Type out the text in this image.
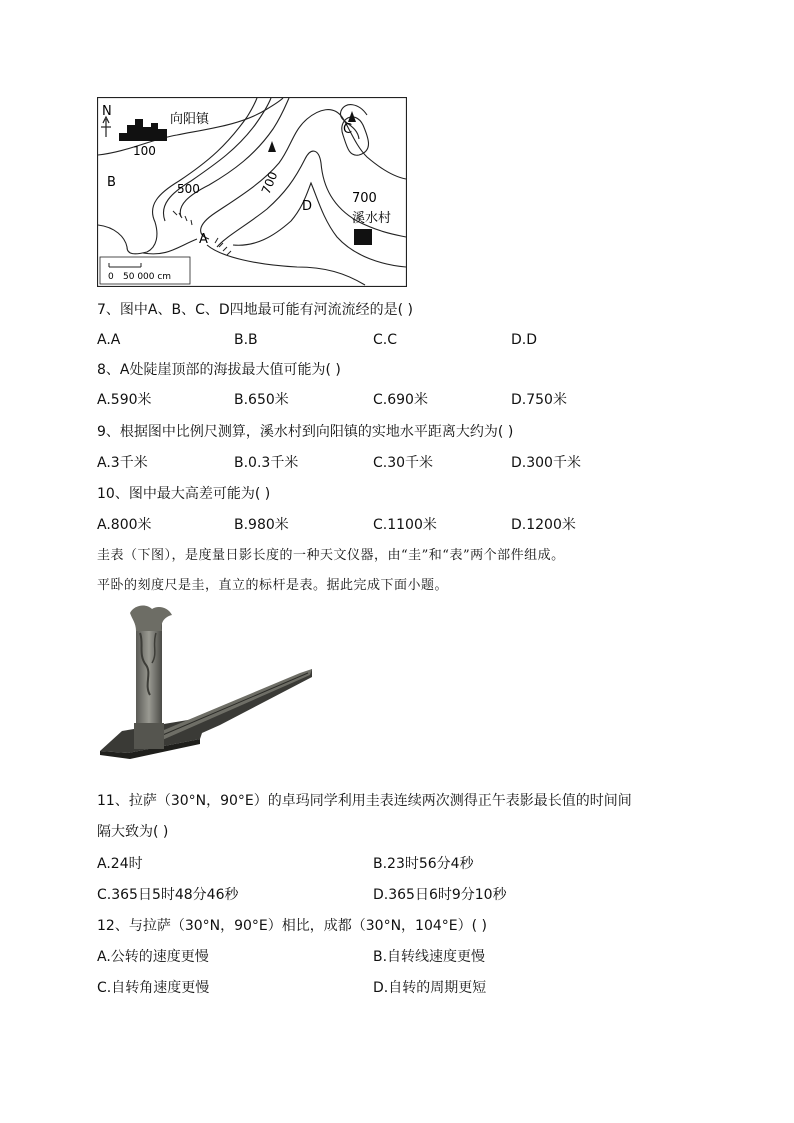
N
向阳镇
100
B	500	700
C
D
700
溪水村
A
0 50 000 cm
7、图中A、B、C、D四地最可能有河流流经的是( )
A.A	B.B	C.C	D.D
8、A处陡崖顶部的海拔最大值可能为( )
A.590米	B.650米	C.690米	D.750米
9、根据图中比例尺测算，溪水村到向阳镇的实地水平距离大约为( )
A.3千米	B.0.3千米	C.30千米	D.300千米
10、图中最大高差可能为( )
A.800米	B.980米	C.1100米	D.1200米
圭表（下图），是度量日影长度的一种天文仪器，由“圭”和“表”两个部件组成。
平卧的刻度尺是圭，直立的标杆是表。据此完成下面小题。
11、拉萨（30°N，90°E）的卓玛同学利用圭表连续两次测得正午表影最长值的时间间
隔大致为( )
A.24时	B.23时56分4秒
C.365日5时48分46秒	D.365日6时9分10秒
12、与拉萨（30°N，90°E）相比，成都（30°N，104°E）( )
A.公转的速度更慢	B.自转线速度更慢
C.自转角速度更慢	D.自转的周期更短
